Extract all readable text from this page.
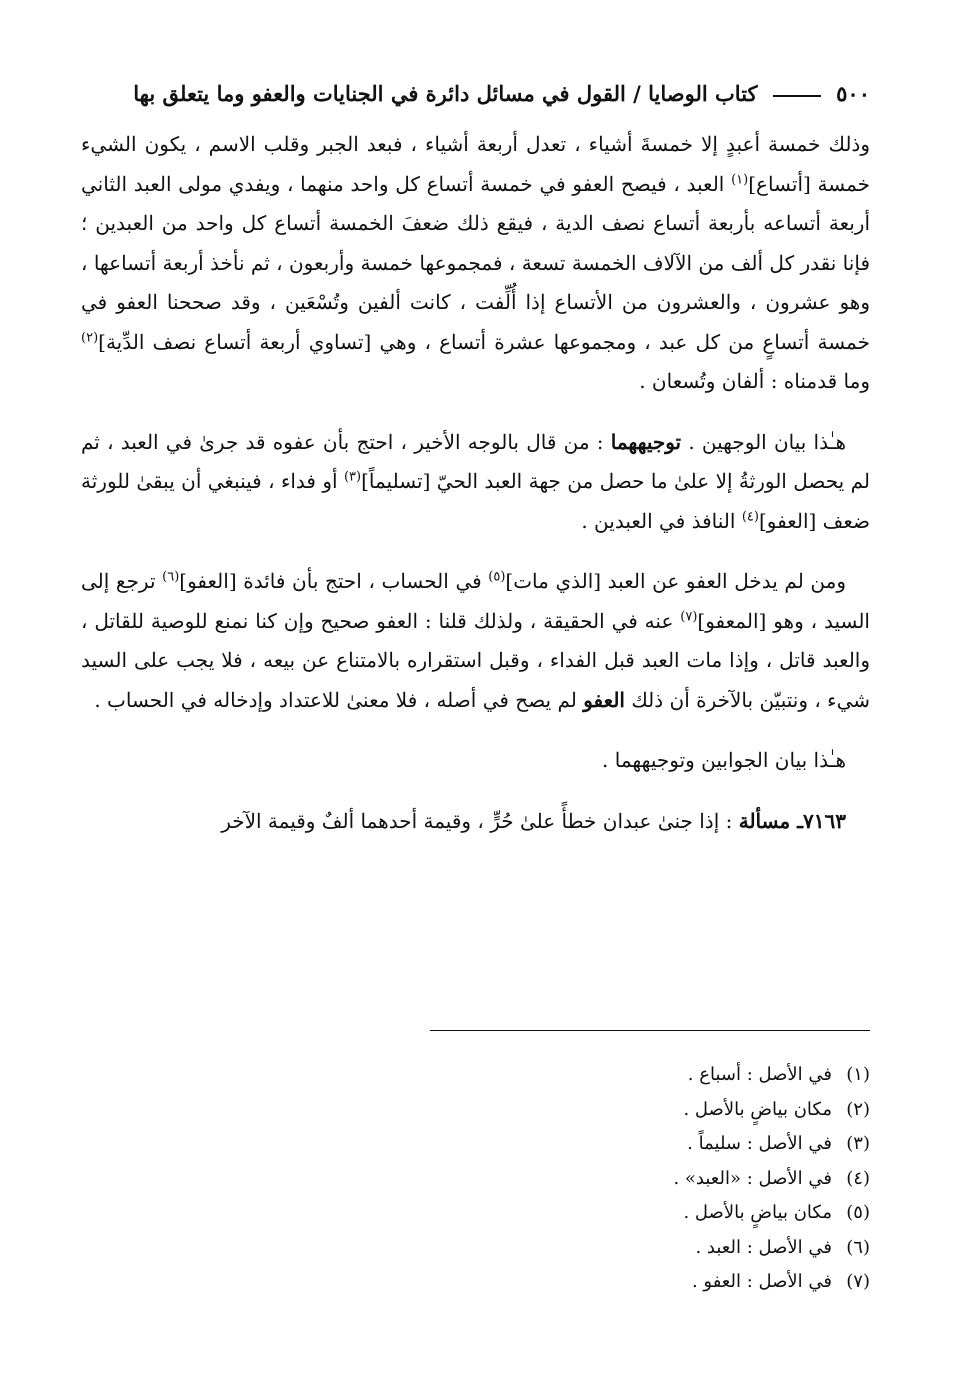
٥٠٠  كتاب الوصايا / القول في مسائل دائرة في الجنايات والعفو وما يتعلق بها

وذلك خمسة أعبدٍ إلا خمسةَ أشياء ، تعدل أربعة أشياء ، فبعد الجبر وقلب الاسم ، يكون الشيء خمسة [أتساع]$^{(١)}$ العبد ، فيصح العفو في خمسة أتساع كل واحد منهما ، ويفدي مولى العبد الثاني أربعة أتساعه بأربعة أتساع نصف الدية ، فيقع ذلك ضعفَ الخمسة أتساع كل واحد من العبدين ؛ فإنا نقدر كل ألف من الآلاف الخمسة تسعة ، فمجموعها خمسة وأربعون ، ثم نأخذ أربعة أتساعها ، وهو عشرون ، والعشرون من الأتساع إذا أُلِّفت ، كانت ألفين وتُسْعَين ، وقد صححنا العفو في خمسة أتساعٍ من كل عبد ، ومجموعها عشرة أتساع ، وهي [تساوي أربعة أتساع نصف الدِّية]$^{(٢)}$ وما قدمناه : ألفان وتُسعان .

هـٰذا بيان الوجهين . توجيههما : من قال بالوجه الأخير ، احتج بأن عفوه قد جرىٰ في العبد ، ثم لم يحصل الورثةُ إلا علىٰ ما حصل من جهة العبد الحيّ [تسليماً]$^{(٣)}$ أو فداء ، فينبغي أن يبقىٰ للورثة ضعف [العفو]$^{(٤)}$ النافذ في العبدين .

ومن لم يدخل العفو عن العبد [الذي مات]$^{(٥)}$ في الحساب ، احتج بأن فائدة [العفو]$^{(٦)}$ ترجع إلى السيد ، وهو [المعفو]$^{(٧)}$ عنه في الحقيقة ، ولذلك قلنا : العفو صحيح وإن كنا نمنع للوصية للقاتل ، والعبد قاتل ، وإذا مات العبد قبل الفداء ، وقبل استقراره بالامتناع عن بيعه ، فلا يجب على السيد شيء ، ونتبيّن بالآخرة أن ذلك العفو لم يصح في أصله ، فلا معنىٰ للاعتداد وإدخاله في الحساب .

هـٰذا بيان الجوابين وتوجيههما .

٧١٦٣ـ مسألة : إذا جنىٰ عبدان خطأً علىٰ حُرٍّ ، وقيمة أحدهما ألفٌ وقيمة الآخر

(١)في الأصل : أسباع .
(٢)مكان بياضٍ بالأصل .
(٣)في الأصل : سليماً .
(٤)في الأصل : «العبد» .
(٥)مكان بياضٍ بالأصل .
(٦)في الأصل : العبد .
(٧)في الأصل : العفو .
